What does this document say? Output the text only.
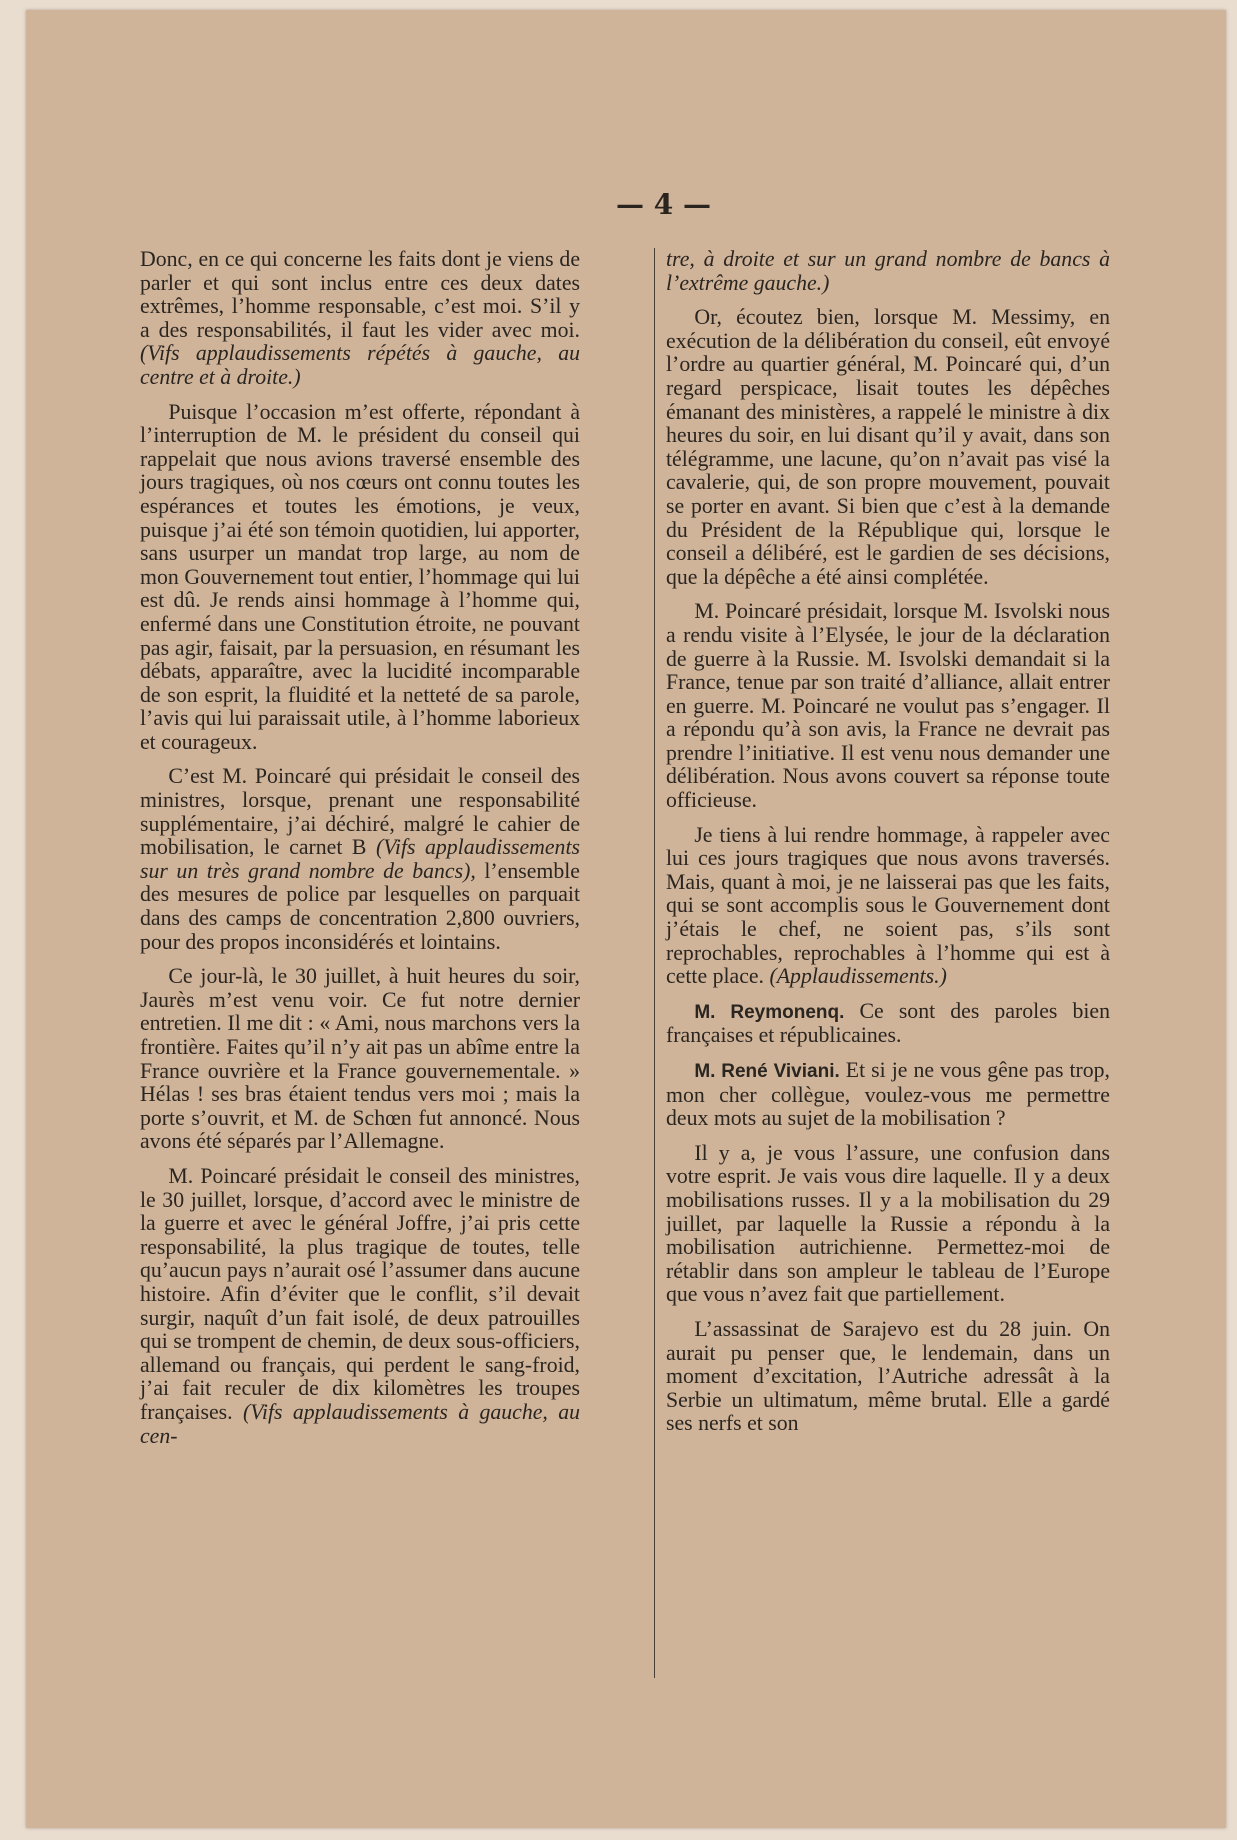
— 4 —

Donc, en ce qui concerne les faits dont je viens de parler et qui sont inclus entre ces deux dates extrêmes, l’homme responsable, c’est moi. S’il y a des responsabilités, il faut les vider avec moi. (Vifs applaudissements répétés à gauche, au centre et à droite.)

Puisque l’occasion m’est offerte, répondant à l’interruption de M. le président du conseil qui rappelait que nous avions traversé ensemble des jours tragiques, où nos cœurs ont connu toutes les espérances et toutes les émotions, je veux, puisque j’ai été son témoin quotidien, lui apporter, sans usurper un mandat trop large, au nom de mon Gouvernement tout entier, l’hommage qui lui est dû. Je rends ainsi hommage à l’homme qui, enfermé dans une Constitution étroite, ne pouvant pas agir, faisait, par la persuasion, en résumant les débats, apparaître, avec la lucidité incomparable de son esprit, la fluidité et la netteté de sa parole, l’avis qui lui paraissait utile, à l’homme laborieux et courageux.

C’est M. Poincaré qui présidait le conseil des ministres, lorsque, prenant une responsabilité supplémentaire, j’ai déchiré, malgré le cahier de mobilisation, le carnet B (Vifs applaudissements sur un très grand nombre de bancs), l’ensemble des mesures de police par lesquelles on parquait dans des camps de concentration 2,800 ouvriers, pour des propos inconsidérés et lointains.

Ce jour-là, le 30 juillet, à huit heures du soir, Jaurès m’est venu voir. Ce fut notre dernier entretien. Il me dit : « Ami, nous marchons vers la frontière. Faites qu’il n’y ait pas un abîme entre la France ouvrière et la France gouvernementale. » Hélas ! ses bras étaient tendus vers moi ; mais la porte s’ouvrit, et M. de Schœn fut annoncé. Nous avons été séparés par l’Allemagne.

M. Poincaré présidait le conseil des ministres, le 30 juillet, lorsque, d’accord avec le ministre de la guerre et avec le général Joffre, j’ai pris cette responsabilité, la plus tragique de toutes, telle qu’aucun pays n’aurait osé l’assumer dans aucune histoire. Afin d’éviter que le conflit, s’il devait surgir, naquît d’un fait isolé, de deux patrouilles qui se trompent de chemin, de deux sous-officiers, allemand ou français, qui perdent le sang-froid, j’ai fait reculer de dix kilomètres les troupes françaises. (Vifs applaudissements à gauche, au cen-

tre, à droite et sur un grand nombre de bancs à l’extrême gauche.)

Or, écoutez bien, lorsque M. Messimy, en exécution de la délibération du conseil, eût envoyé l’ordre au quartier général, M. Poincaré qui, d’un regard perspicace, lisait toutes les dépêches émanant des ministères, a rappelé le ministre à dix heures du soir, en lui disant qu’il y avait, dans son télégramme, une lacune, qu’on n’avait pas visé la cavalerie, qui, de son propre mouvement, pouvait se porter en avant. Si bien que c’est à la demande du Président de la République qui, lorsque le conseil a délibéré, est le gardien de ses décisions, que la dépêche a été ainsi complétée.

M. Poincaré présidait, lorsque M. Isvolski nous a rendu visite à l’Elysée, le jour de la déclaration de guerre à la Russie. M. Isvolski demandait si la France, tenue par son traité d’alliance, allait entrer en guerre. M. Poincaré ne voulut pas s’engager. Il a répondu qu’à son avis, la France ne devrait pas prendre l’initiative. Il est venu nous demander une délibération. Nous avons couvert sa réponse toute officieuse.

Je tiens à lui rendre hommage, à rappeler avec lui ces jours tragiques que nous avons traversés. Mais, quant à moi, je ne laisserai pas que les faits, qui se sont accomplis sous le Gouvernement dont j’étais le chef, ne soient pas, s’ils sont reprochables, reprochables à l’homme qui est à cette place. (Applaudissements.)

M. Reymonenq. Ce sont des paroles bien françaises et républicaines.

M. René Viviani. Et si je ne vous gêne pas trop, mon cher collègue, voulez-vous me permettre deux mots au sujet de la mobilisation ?

Il y a, je vous l’assure, une confusion dans votre esprit. Je vais vous dire laquelle. Il y a deux mobilisations russes. Il y a la mobilisation du 29 juillet, par laquelle la Russie a répondu à la mobilisation autrichienne. Permettez-moi de rétablir dans son ampleur le tableau de l’Europe que vous n’avez fait que partiellement.

L’assassinat de Sarajevo est du 28 juin. On aurait pu penser que, le lendemain, dans un moment d’excitation, l’Autriche adressât à la Serbie un ultimatum, même brutal. Elle a gardé ses nerfs et son
